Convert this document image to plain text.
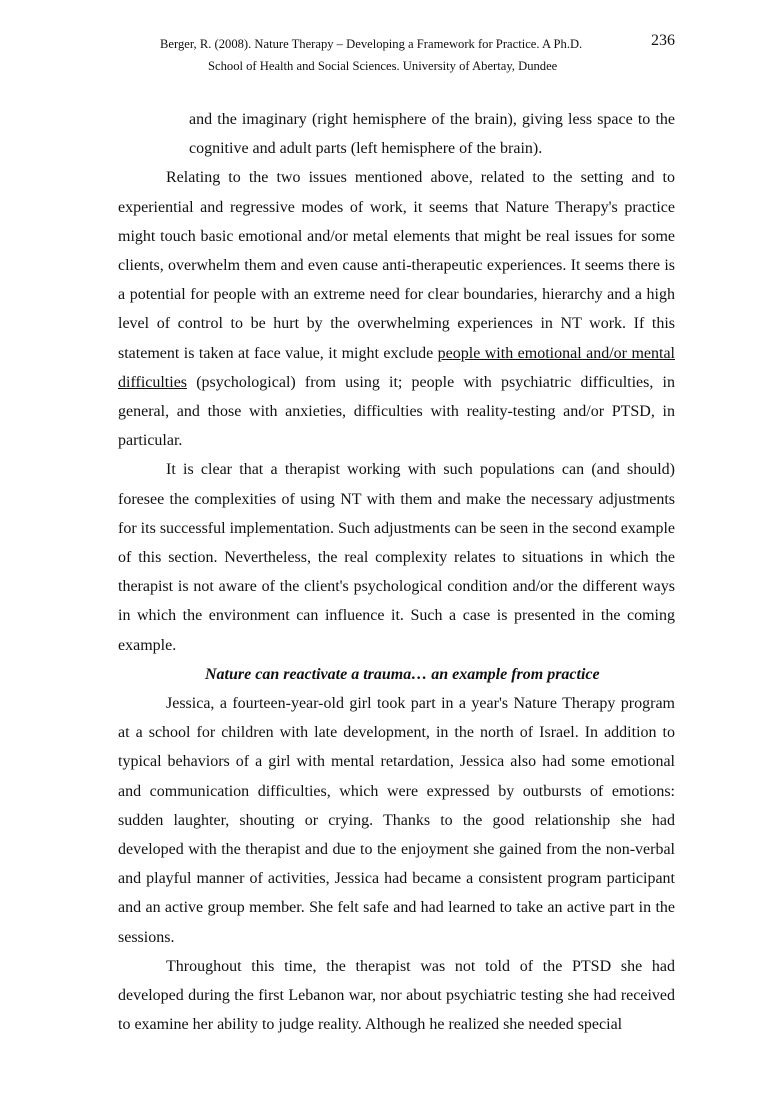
Berger, R. (2008). Nature Therapy – Developing a Framework for Practice. A Ph.D.	236
School of Health and Social Sciences. University of Abertay, Dundee

and the imaginary (right hemisphere of the brain), giving less space to the cognitive and adult parts (left hemisphere of the brain).

Relating to the two issues mentioned above, related to the setting and to experiential and regressive modes of work, it seems that Nature Therapy's practice might touch basic emotional and/or metal elements that might be real issues for some clients, overwhelm them and even cause anti-therapeutic experiences. It seems there is a potential for people with an extreme need for clear boundaries, hierarchy and a high level of control to be hurt by the overwhelming experiences in NT work. If this statement is taken at face value, it might exclude people with emotional and/or mental difficulties (psychological) from using it; people with psychiatric difficulties, in general, and those with anxieties, difficulties with reality-testing and/or PTSD, in particular.

It is clear that a therapist working with such populations can (and should) foresee the complexities of using NT with them and make the necessary adjustments for its successful implementation. Such adjustments can be seen in the second example of this section. Nevertheless, the real complexity relates to situations in which the therapist is not aware of the client's psychological condition and/or the different ways in which the environment can influence it. Such a case is presented in the coming example.

Nature can reactivate a trauma… an example from practice

Jessica, a fourteen-year-old girl took part in a year's Nature Therapy program at a school for children with late development, in the north of Israel. In addition to typical behaviors of a girl with mental retardation, Jessica also had some emotional and communication difficulties, which were expressed by outbursts of emotions: sudden laughter, shouting or crying. Thanks to the good relationship she had developed with the therapist and due to the enjoyment she gained from the non-verbal and playful manner of activities, Jessica had became a consistent program participant and an active group member. She felt safe and had learned to take an active part in the sessions.

Throughout this time, the therapist was not told of the PTSD she had developed during the first Lebanon war, nor about psychiatric testing she had received to examine her ability to judge reality. Although he realized she needed special
